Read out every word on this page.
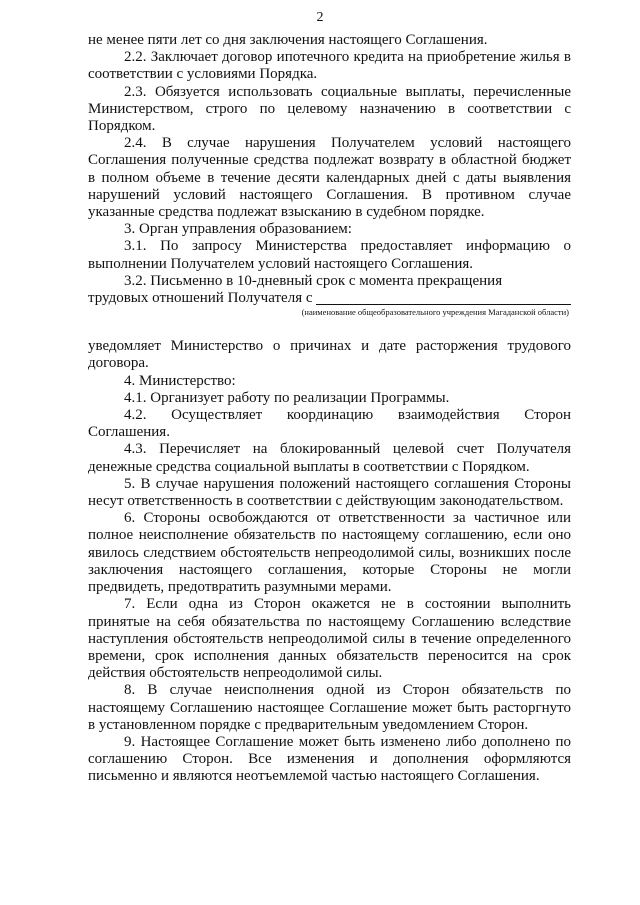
2

не менее пяти лет со дня заключения настоящего Соглашения.

2.2. Заключает договор ипотечного кредита на приобретение жилья в соответствии с условиями Порядка.

2.3. Обязуется использовать социальные выплаты, перечисленные Министерством, строго по целевому назначению в соответствии с Порядком.

2.4. В случае нарушения Получателем условий настоящего Соглашения полученные средства подлежат возврату в областной бюджет в полном объеме в течение десяти календарных дней с даты выявления нарушений условий настоящего Соглашения. В противном случае указанные средства подлежат взысканию в судебном порядке.

3. Орган управления образованием:

3.1. По запросу Министерства предоставляет информацию о выполнении Получателем условий настоящего Соглашения.

3.2. Письменно в 10-дневный срок с момента прекращения

трудовых отношений Получателя с
(наименование общеобразовательного учреждения Магаданской области)

уведомляет Министерство о причинах и дате расторжения трудового договора.

4. Министерство:

4.1. Организует работу по реализации Программы.

4.2. Осуществляет координацию взаимодействия Сторон Соглашения.

4.3. Перечисляет на блокированный целевой счет Получателя денежные средства социальной выплаты в соответствии с Порядком.

5. В случае нарушения положений настоящего соглашения Стороны несут ответственность в соответствии с действующим законодательством.

6. Стороны освобождаются от ответственности за частичное или полное неисполнение обязательств по настоящему соглашению, если оно явилось следствием обстоятельств непреодолимой силы, возникших после заключения настоящего соглашения, которые Стороны не могли предвидеть, предотвратить разумными мерами.

7. Если одна из Сторон окажется не в состоянии выполнить принятые на себя обязательства по настоящему Соглашению вследствие наступления обстоятельств непреодолимой силы в течение определенного времени, срок исполнения данных обязательств переносится на срок действия обстоятельств непреодолимой силы.

8. В случае неисполнения одной из Сторон обязательств по настоящему Соглашению настоящее Соглашение может быть расторгнуто в установленном порядке с предварительным уведомлением Сторон.

9. Настоящее Соглашение может быть изменено либо дополнено по соглашению Сторон. Все изменения и дополнения оформляются письменно и являются неотъемлемой частью настоящего Соглашения.
